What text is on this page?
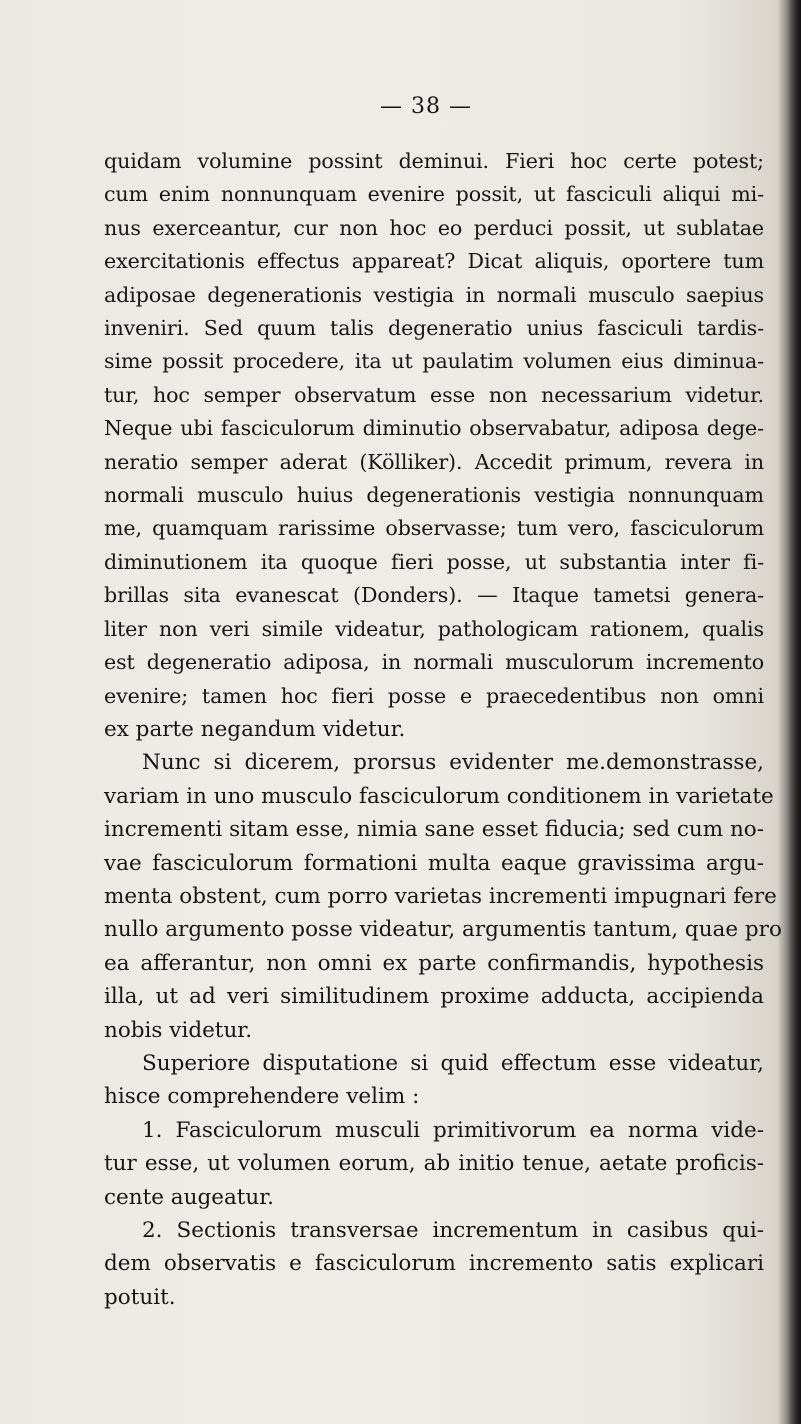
— 38 —
quidam volumine possint deminui. Fieri hoc certe potest;
cum enim nonnunquam evenire possit, ut fasciculi aliqui mi-
nus exerceantur, cur non hoc eo perduci possit, ut sublatae
exercitationis effectus appareat? Dicat aliquis, oportere tum
adiposae degenerationis vestigia in normali musculo saepius
inveniri. Sed quum talis degeneratio unius fasciculi tardis-
sime possit procedere, ita ut paulatim volumen eius diminua-
tur, hoc semper observatum esse non necessarium videtur.
Neque ubi fasciculorum diminutio observabatur, adiposa dege-
neratio semper aderat (Kölliker). Accedit primum, revera in
normali musculo huius degenerationis vestigia nonnunquam
me, quamquam rarissime observasse; tum vero, fasciculorum
diminutionem ita quoque fieri posse, ut substantia inter fi-
brillas sita evanescat (Donders). — Itaque tametsi genera-
liter non veri simile videatur, pathologicam rationem, qualis
est degeneratio adiposa, in normali musculorum incremento
evenire; tamen hoc fieri posse e praecedentibus non omni
ex parte negandum videtur.
Nunc si dicerem, prorsus evidenter me.demonstrasse,
variam in uno musculo fasciculorum conditionem in varietate
incrementi sitam esse, nimia sane esset fiducia; sed cum no-
vae fasciculorum formationi multa eaque gravissima argu-
menta obstent, cum porro varietas incrementi impugnari fere
nullo argumento posse videatur, argumentis tantum, quae pro
ea afferantur, non omni ex parte confirmandis, hypothesis
illa, ut ad veri similitudinem proxime adducta, accipienda
nobis videtur.
Superiore disputatione si quid effectum esse videatur,
hisce comprehendere velim :
1. Fasciculorum musculi primitivorum ea norma vide-
tur esse, ut volumen eorum, ab initio tenue, aetate proficis-
cente augeatur.
2. Sectionis transversae incrementum in casibus qui-
dem observatis e fasciculorum incremento satis explicari
potuit.
